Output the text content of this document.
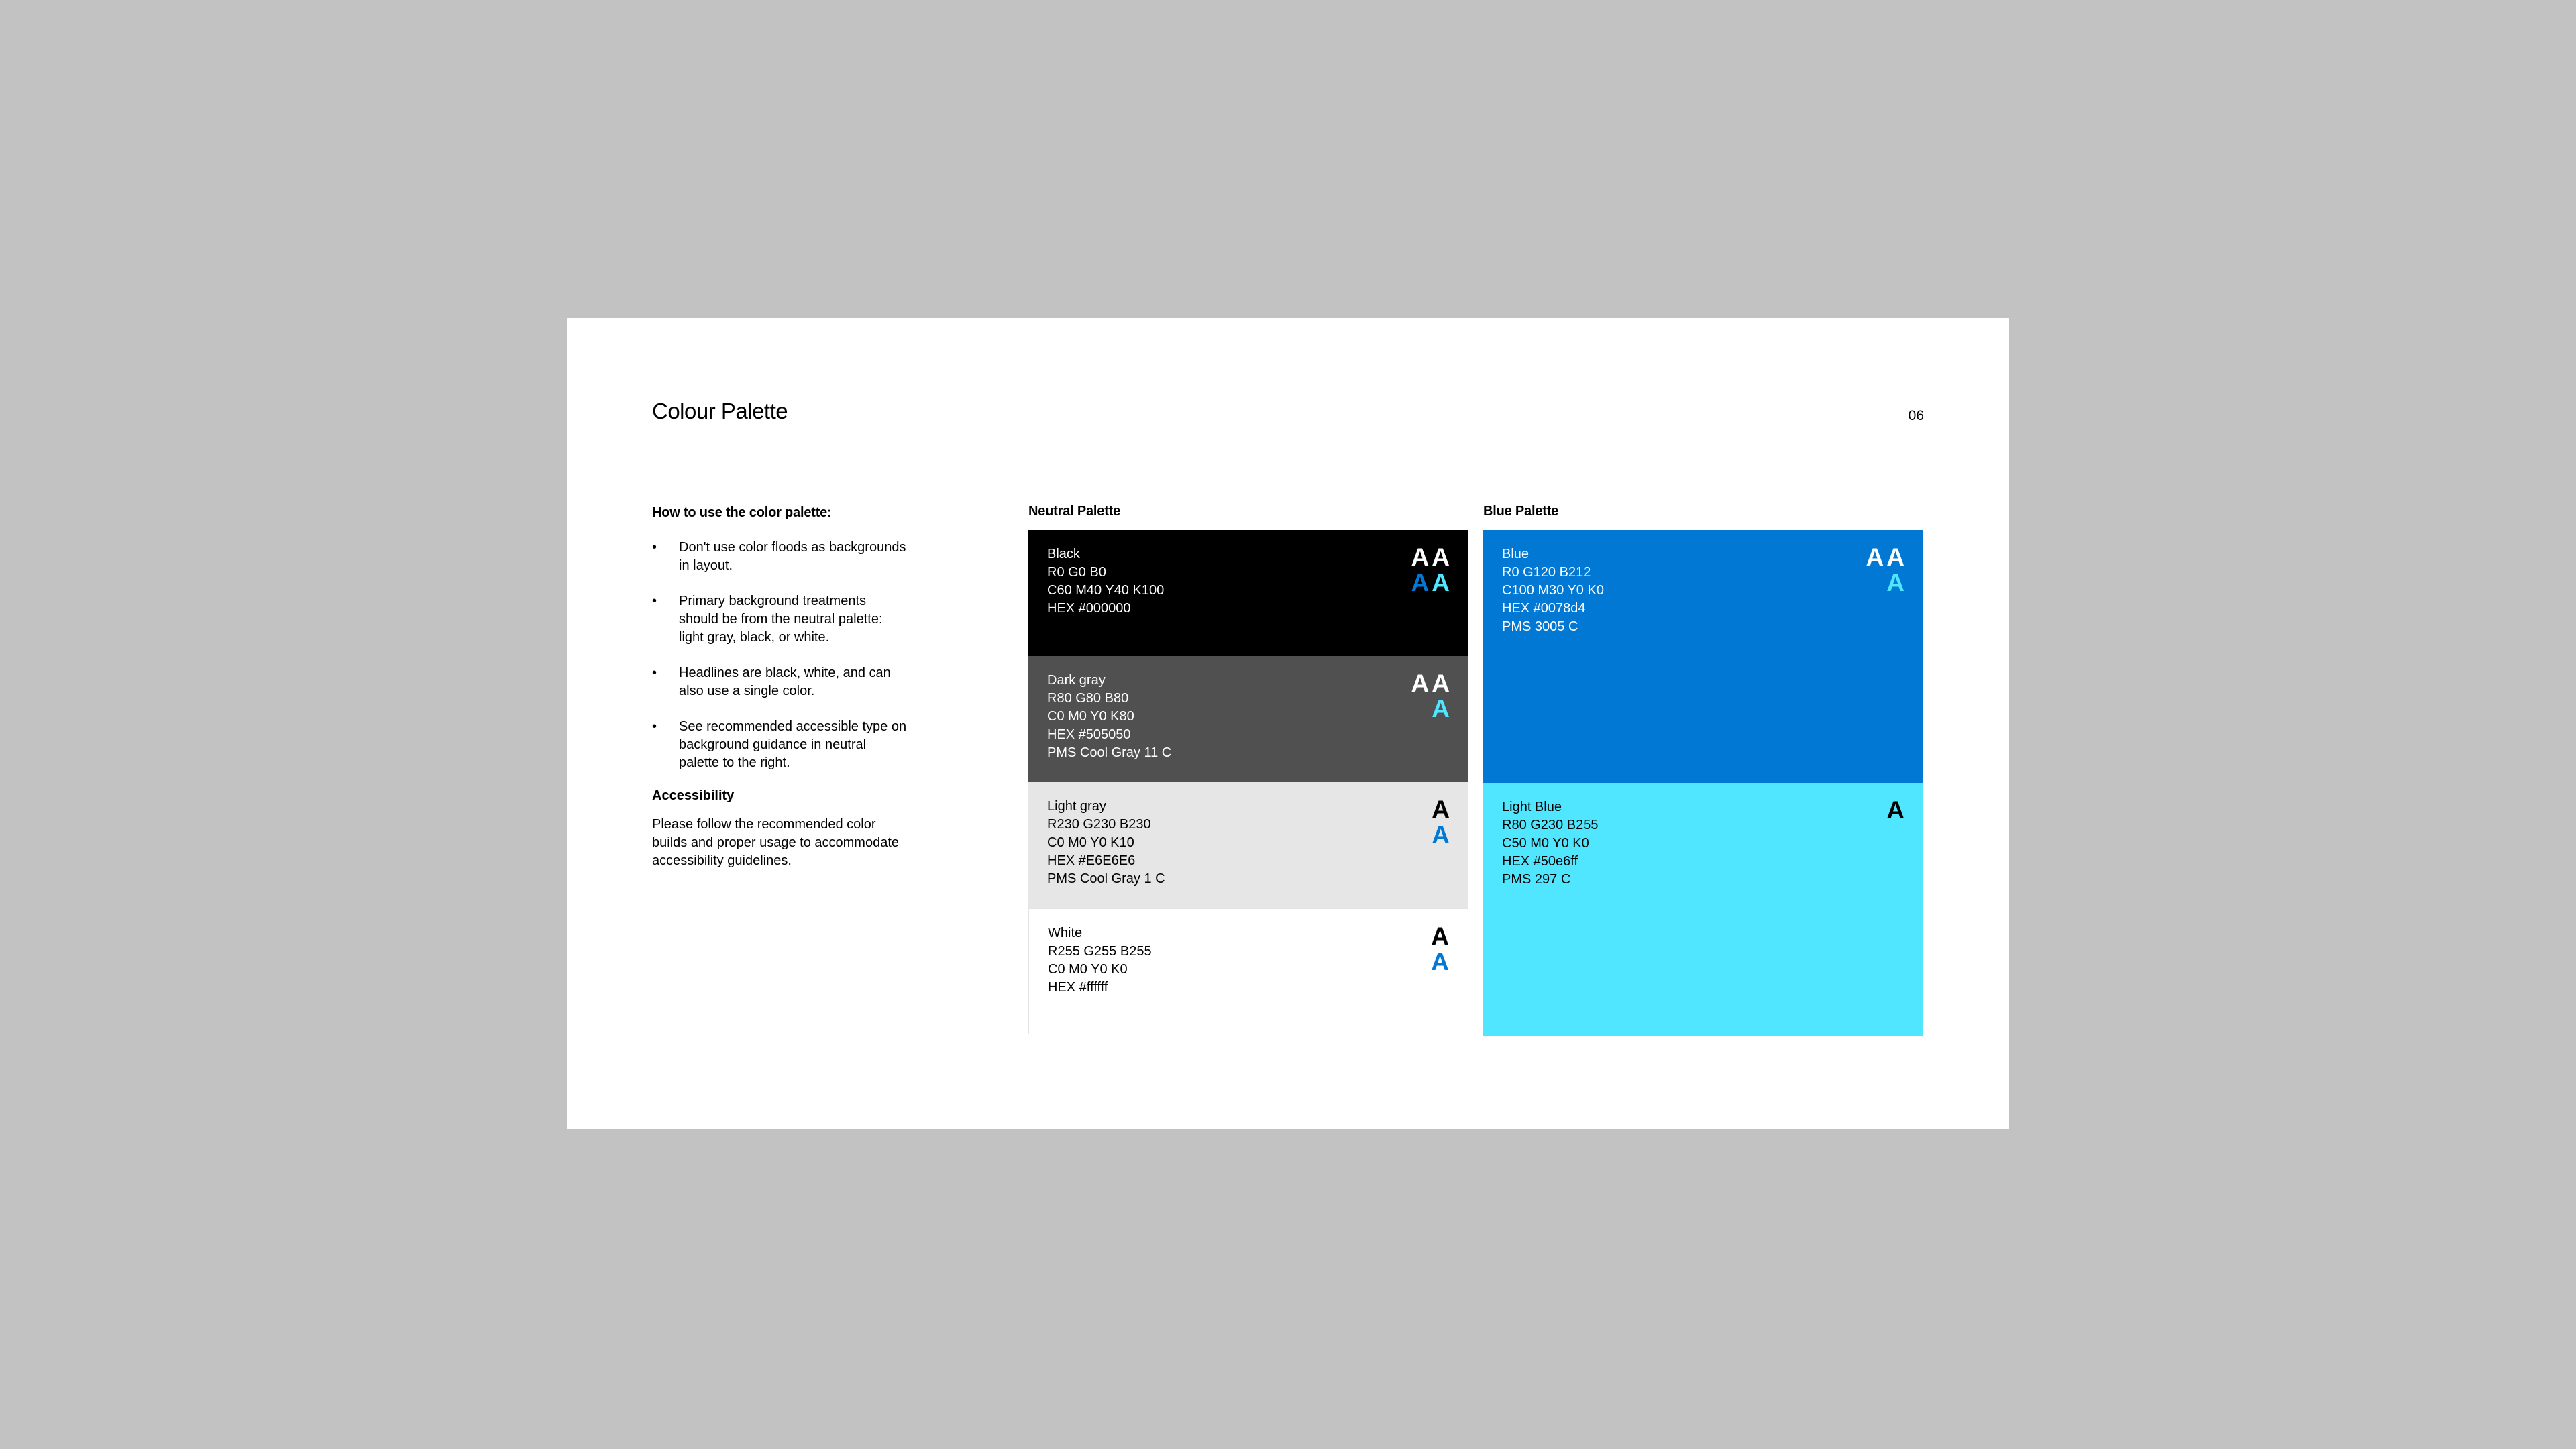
Colour Palette	06
How to use the color palette:
• Don't use color floods as backgrounds in layout.
• Primary background treatments should be from the neutral palette: light gray, black, or white.
• Headlines are black, white, and can also use a single color.
• See recommended accessible type on background guidance in neutral palette to the right.
Accessibility
Please follow the recommended color builds and proper usage to accommodate accessibility guidelines.
Neutral Palette
Black
R0 G0 B0
C60 M40 Y40 K100
HEX #000000
AA
AA
Dark gray
R80 G80 B80
C0 M0 Y0 K80
HEX #505050
PMS Cool Gray 11 C
AA
A
Light gray
R230 G230 B230
C0 M0 Y0 K10
HEX #E6E6E6
PMS Cool Gray 1 C
A
A
White
R255 G255 B255
C0 M0 Y0 K0
HEX #ffffff
A
A
Blue Palette
Blue
R0 G120 B212
C100 M30 Y0 K0
HEX #0078d4
PMS 3005 C
AA
A
Light Blue
R80 G230 B255
C50 M0 Y0 K0
HEX #50e6ff
PMS 297 C
A
